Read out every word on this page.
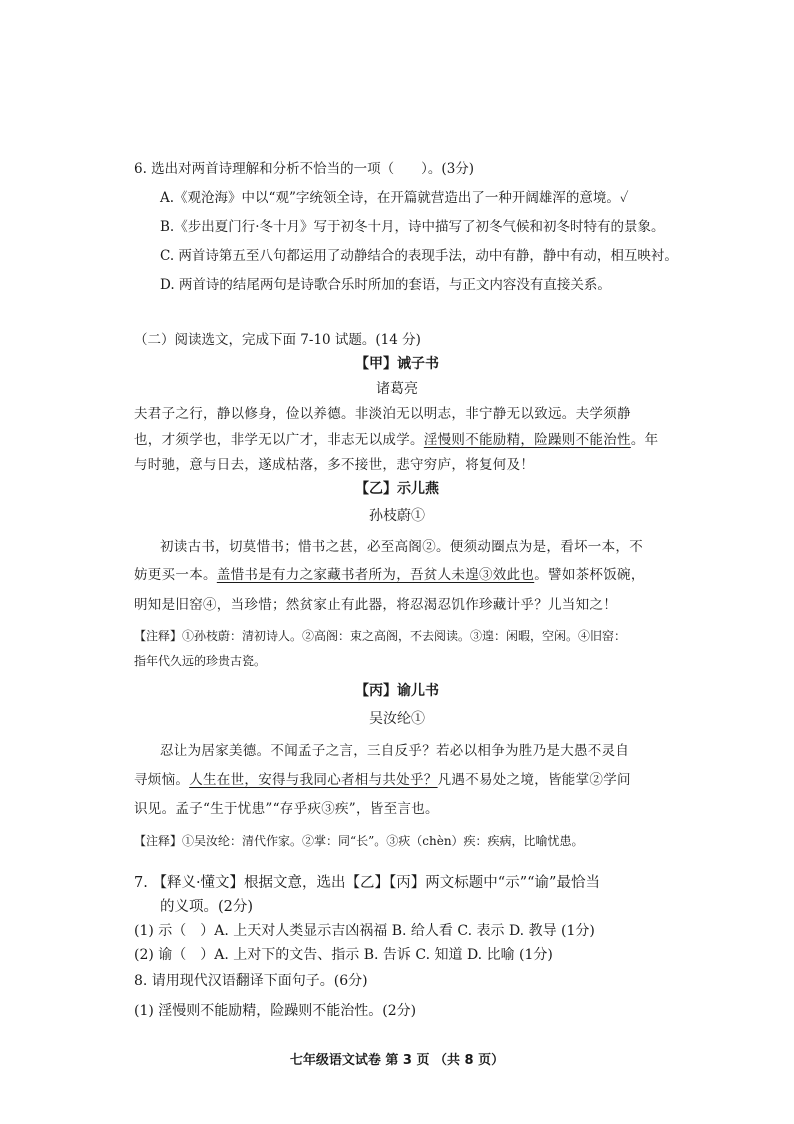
6. 选出对两首诗理解和分析不恰当的一项（　　）。(3分)
A.《观沧海》中以“观”字统领全诗，在开篇就营造出了一种开阔雄浑的意境。✓
B.《步出夏门行·冬十月》写于初冬十月，诗中描写了初冬气候和初冬时特有的景象。
C. 两首诗第五至八句都运用了动静结合的表现手法，动中有静，静中有动，相互映衬。
D. 两首诗的结尾两句是诗歌合乐时所加的套语，与正文内容没有直接关系。
（二）阅读选文，完成下面 7-10 试题。(14 分)
【甲】诫子书
诸葛亮
夫君子之行，静以修身，俭以养德。非淡泊无以明志，非宁静无以致远。夫学须静
也，才须学也，非学无以广才，非志无以成学。淫慢则不能励精，险躁则不能治性。年
与时驰，意与日去，遂成枯落，多不接世，悲守穷庐，将复何及！
【乙】示儿燕
孙枝蔚①
初读古书，切莫惜书；惜书之甚，必至高阁②。便须动圈点为是，看坏一本，不
妨更买一本。盖惜书是有力之家藏书者所为，吾贫人未遑③效此也。譬如茶杯饭碗，
明知是旧窑④，当珍惜；然贫家止有此器，将忍渴忍饥作珍藏计乎？儿当知之！
【注释】①孙枝蔚：清初诗人。②高阁：束之高阁，不去阅读。③遑：闲暇，空闲。④旧窑：
指年代久远的珍贵古瓷。
【丙】谕儿书
吴汝纶①
忍让为居家美德。不闻孟子之言，三自反乎？若必以相争为胜乃是大愚不灵自
寻烦恼。人生在世，安得与我同心者相与共处乎？凡遇不易处之境，皆能掌②学问
识见。孟子“生于忧患”“存乎疢③疾”，皆至言也。
【注释】①吴汝纶：清代作家。②掌：同“长”。③疢（chèn）疾：疾病，比喻忧患。
7. 【释义·懂文】根据文意，选出【乙】【丙】两文标题中“示”“谕”最恰当
的义项。(2分)
(1) 示（　）A. 上天对人类显示吉凶祸福 B. 给人看 C. 表示 D. 教导 (1分)
(2) 谕（　）A. 上对下的文告、指示 B. 告诉 C. 知道 D. 比喻 (1分)
8. 请用现代汉语翻译下面句子。(6分)
(1) 淫慢则不能励精，险躁则不能治性。(2分)
七年级语文试卷 第 3 页 （共 8 页）
